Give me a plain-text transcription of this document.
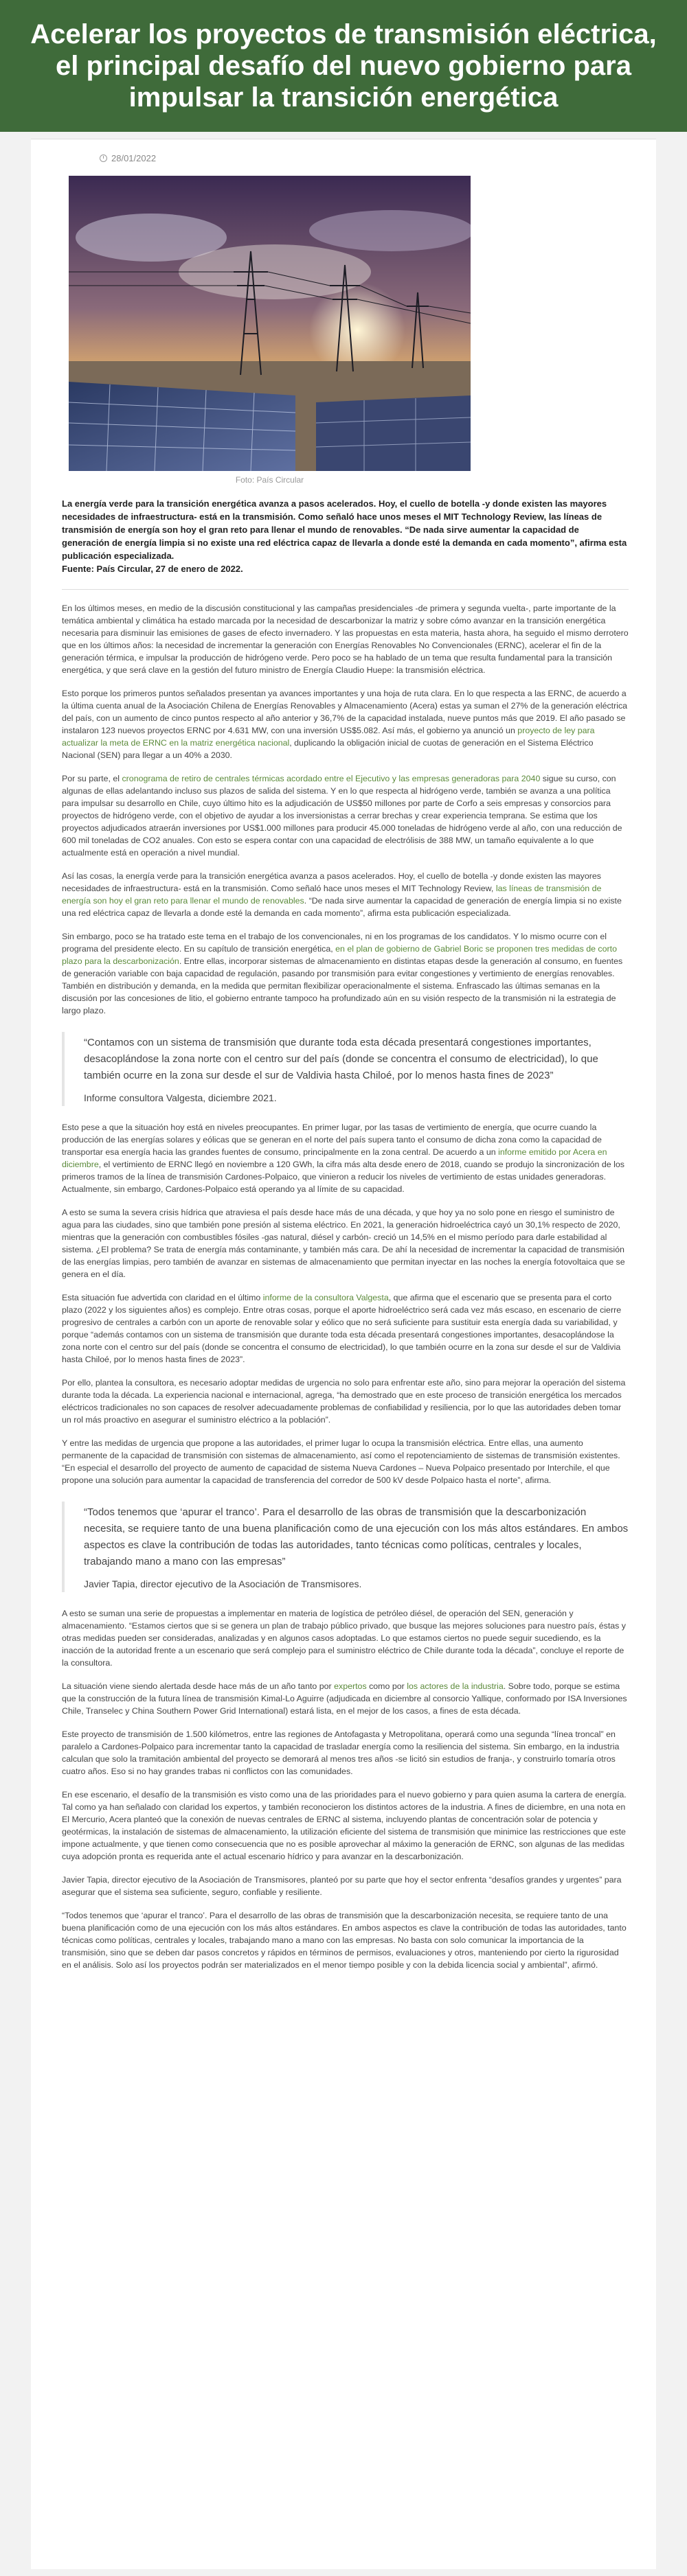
Acelerar los proyectos de transmisión eléctrica, el principal desafío del nuevo gobierno para impulsar la transición energética
28/01/2022
Foto: País Circular

La energía verde para la transición energética avanza a pasos acelerados. Hoy, el cuello de botella -y donde existen las mayores necesidades de infraestructura- está en la transmisión. Como señaló hace unos meses el MIT Technology Review, las líneas de transmisión de energía son hoy el gran reto para llenar el mundo de renovables. “De nada sirve aumentar la capacidad de generación de energía limpia si no existe una red eléctrica capaz de llevarla a donde esté la demanda en cada momento”, afirma esta publicación especializada.
Fuente: País Circular, 27 de enero de 2022.

En los últimos meses, en medio de la discusión constitucional y las campañas presidenciales -de primera y segunda vuelta-, parte importante de la temática ambiental y climática ha estado marcada por la necesidad de descarbonizar la matriz y sobre cómo avanzar en la transición energética necesaria para disminuir las emisiones de gases de efecto invernadero. Y las propuestas en esta materia, hasta ahora, ha seguido el mismo derrotero que en los últimos años: la necesidad de incrementar la generación con Energías Renovables No Convencionales (ERNC), acelerar el fin de la generación térmica, e impulsar la producción de hidrógeno verde. Pero poco se ha hablado de un tema que resulta fundamental para la transición energética, y que será clave en la gestión del futuro ministro de Energía Claudio Huepe: la transmisión eléctrica.

Esto porque los primeros puntos señalados presentan ya avances importantes y una hoja de ruta clara. En lo que respecta a las ERNC, de acuerdo a la última cuenta anual de la Asociación Chilena de Energías Renovables y Almacenamiento (Acera) estas ya suman el 27% de la generación eléctrica del país, con un aumento de cinco puntos respecto al año anterior y 36,7% de la capacidad instalada, nueve puntos más que 2019. El año pasado se instalaron 123 nuevos proyectos ERNC por 4.631 MW, con una inversión US$5.082. Así más, el gobierno ya anunció un proyecto de ley para actualizar la meta de ERNC en la matriz energética nacional, duplicando la obligación inicial de cuotas de generación en el Sistema Eléctrico Nacional (SEN) para llegar a un 40% a 2030.

Por su parte, el cronograma de retiro de centrales térmicas acordado entre el Ejecutivo y las empresas generadoras para 2040 sigue su curso, con algunas de ellas adelantando incluso sus plazos de salida del sistema. Y en lo que respecta al hidrógeno verde, también se avanza a una política para impulsar su desarrollo en Chile, cuyo último hito es la adjudicación de US$50 millones por parte de Corfo a seis empresas y consorcios para proyectos de hidrógeno verde, con el objetivo de ayudar a los inversionistas a cerrar brechas y crear experiencia temprana. Se estima que los proyectos adjudicados atraerán inversiones por US$1.000 millones para producir 45.000 toneladas de hidrógeno verde al año, con una reducción de 600 mil toneladas de CO2 anuales. Con esto se espera contar con una capacidad de electrólisis de 388 MW, un tamaño equivalente a lo que actualmente está en operación a nivel mundial.

Así las cosas, la energía verde para la transición energética avanza a pasos acelerados. Hoy, el cuello de botella -y donde existen las mayores necesidades de infraestructura- está en la transmisión. Como señaló hace unos meses el MIT Technology Review, las líneas de transmisión de energía son hoy el gran reto para llenar el mundo de renovables. “De nada sirve aumentar la capacidad de generación de energía limpia si no existe una red eléctrica capaz de llevarla a donde esté la demanda en cada momento”, afirma esta publicación especializada.

Sin embargo, poco se ha tratado este tema en el trabajo de los convencionales, ni en los programas de los candidatos. Y lo mismo ocurre con el programa del presidente electo. En su capítulo de transición energética, en el plan de gobierno de Gabriel Boric se proponen tres medidas de corto plazo para la descarbonización. Entre ellas, incorporar sistemas de almacenamiento en distintas etapas desde la generación al consumo, en fuentes de generación variable con baja capacidad de regulación, pasando por transmisión para evitar congestiones y vertimiento de energías renovables. También en distribución y demanda, en la medida que permitan flexibilizar operacionalmente el sistema. Enfrascado las últimas semanas en la discusión por las concesiones de litio, el gobierno entrante tampoco ha profundizado aún en su visión respecto de la transmisión ni la estrategia de largo plazo.

“Contamos con un sistema de transmisión que durante toda esta década presentará congestiones importantes, desacoplándose la zona norte con el centro sur del país (donde se concentra el consumo de electricidad), lo que también ocurre en la zona sur desde el sur de Valdivia hasta Chiloé, por lo menos hasta fines de 2023”
Informe consultora Valgesta, diciembre 2021.

Esto pese a que la situación hoy está en niveles preocupantes. En primer lugar, por las tasas de vertimiento de energía, que ocurre cuando la producción de las energías solares y eólicas que se generan en el norte del país supera tanto el consumo de dicha zona como la capacidad de transportar esa energía hacia las grandes fuentes de consumo, principalmente en la zona central. De acuerdo a un informe emitido por Acera en diciembre, el vertimiento de ERNC llegó en noviembre a 120 GWh, la cifra más alta desde enero de 2018, cuando se produjo la sincronización de los primeros tramos de la línea de transmisión Cardones-Polpaico, que vinieron a reducir los niveles de vertimiento de estas unidades generadoras. Actualmente, sin embargo, Cardones-Polpaico está operando ya al límite de su capacidad.

A esto se suma la severa crisis hídrica que atraviesa el país desde hace más de una década, y que hoy ya no solo pone en riesgo el suministro de agua para las ciudades, sino que también pone presión al sistema eléctrico. En 2021, la generación hidroeléctrica cayó un 30,1% respecto de 2020, mientras que la generación con combustibles fósiles -gas natural, diésel y carbón- creció un 14,5% en el mismo período para darle estabilidad al sistema. ¿El problema? Se trata de energía más contaminante, y también más cara. De ahí la necesidad de incrementar la capacidad de transmisión de las energías limpias, pero también de avanzar en sistemas de almacenamiento que permitan inyectar en las noches la energía fotovoltaica que se genera en el día.

Esta situación fue advertida con claridad en el último informe de la consultora Valgesta, que afirma que el escenario que se presenta para el corto plazo (2022 y los siguientes años) es complejo. Entre otras cosas, porque el aporte hidroeléctrico será cada vez más escaso, en escenario de cierre progresivo de centrales a carbón con un aporte de renovable solar y eólico que no será suficiente para sustituir esta energía dada su variabilidad, y porque “además contamos con un sistema de transmisión que durante toda esta década presentará congestiones importantes, desacoplándose la zona norte con el centro sur del país (donde se concentra el consumo de electricidad), lo que también ocurre en la zona sur desde el sur de Valdivia hasta Chiloé, por lo menos hasta fines de 2023”.

Por ello, plantea la consultora, es necesario adoptar medidas de urgencia no solo para enfrentar este año, sino para mejorar la operación del sistema durante toda la década. La experiencia nacional e internacional, agrega, “ha demostrado que en este proceso de transición energética los mercados eléctricos tradicionales no son capaces de resolver adecuadamente problemas de confiabilidad y resiliencia, por lo que las autoridades deben tomar un rol más proactivo en asegurar el suministro eléctrico a la población”.

Y entre las medidas de urgencia que propone a las autoridades, el primer lugar lo ocupa la transmisión eléctrica. Entre ellas, una aumento permanente de la capacidad de transmisión con sistemas de almacenamiento, así como el repotenciamiento de sistemas de transmisión existentes. “En especial el desarrollo del proyecto de aumento de capacidad de sistema Nueva Cardones – Nueva Polpaico presentado por Interchile, el que propone una solución para aumentar la capacidad de transferencia del corredor de 500 kV desde Polpaico hasta el norte”, afirma.

“Todos tenemos que ‘apurar el tranco’. Para el desarrollo de las obras de transmisión que la descarbonización necesita, se requiere tanto de una buena planificación como de una ejecución con los más altos estándares. En ambos aspectos es clave la contribución de todas las autoridades, tanto técnicas como políticas, centrales y locales, trabajando mano a mano con las empresas”
Javier Tapia, director ejecutivo de la Asociación de Transmisores.

A esto se suman una serie de propuestas a implementar en materia de logística de petróleo diésel, de operación del SEN, generación y almacenamiento. “Estamos ciertos que si se genera un plan de trabajo público privado, que busque las mejores soluciones para nuestro país, éstas y otras medidas pueden ser consideradas, analizadas y en algunos casos adoptadas. Lo que estamos ciertos no puede seguir sucediendo, es la inacción de la autoridad frente a un escenario que será complejo para el suministro eléctrico de Chile durante toda la década”, concluye el reporte de la consultora.

La situación viene siendo alertada desde hace más de un año tanto por expertos como por los actores de la industria. Sobre todo, porque se estima que la construcción de la futura línea de transmisión Kimal-Lo Aguirre (adjudicada en diciembre al consorcio Yallique, conformado por ISA Inversiones Chile, Transelec y China Southern Power Grid International) estará lista, en el mejor de los casos, a fines de esta década.

Este proyecto de transmisión de 1.500 kilómetros, entre las regiones de Antofagasta y Metropolitana, operará como una segunda “línea troncal” en paralelo a Cardones-Polpaico para incrementar tanto la capacidad de trasladar energía como la resiliencia del sistema. Sin embargo, en la industria calculan que solo la tramitación ambiental del proyecto se demorará al menos tres años -se licitó sin estudios de franja-, y construirlo tomaría otros cuatro años. Eso si no hay grandes trabas ni conflictos con las comunidades.

En ese escenario, el desafío de la transmisión es visto como una de las prioridades para el nuevo gobierno y para quien asuma la cartera de energía. Tal como ya han señalado con claridad los expertos, y también reconocieron los distintos actores de la industria. A fines de diciembre, en una nota en El Mercurio, Acera planteó que la conexión de nuevas centrales de ERNC al sistema, incluyendo plantas de concentración solar de potencia y geotérmicas, la instalación de sistemas de almacenamiento, la utilización eficiente del sistema de transmisión que minimice las restricciones que este impone actualmente, y que tienen como consecuencia que no es posible aprovechar al máximo la generación de ERNC, son algunas de las medidas cuya adopción pronta es requerida ante el actual escenario hídrico y para avanzar en la descarbonización.

Javier Tapia, director ejecutivo de la Asociación de Transmisores, planteó por su parte que hoy el sector enfrenta “desafíos grandes y urgentes” para asegurar que el sistema sea suficiente, seguro, confiable y resiliente.

“Todos tenemos que ‘apurar el tranco’. Para el desarrollo de las obras de transmisión que la descarbonización necesita, se requiere tanto de una buena planificación como de una ejecución con los más altos estándares. En ambos aspectos es clave la contribución de todas las autoridades, tanto técnicas como políticas, centrales y locales, trabajando mano a mano con las empresas. No basta con solo comunicar la importancia de la transmisión, sino que se deben dar pasos concretos y rápidos en términos de permisos, evaluaciones y otros, manteniendo por cierto la rigurosidad en el análisis. Solo así los proyectos podrán ser materializados en el menor tiempo posible y con la debida licencia social y ambiental”, afirmó.
